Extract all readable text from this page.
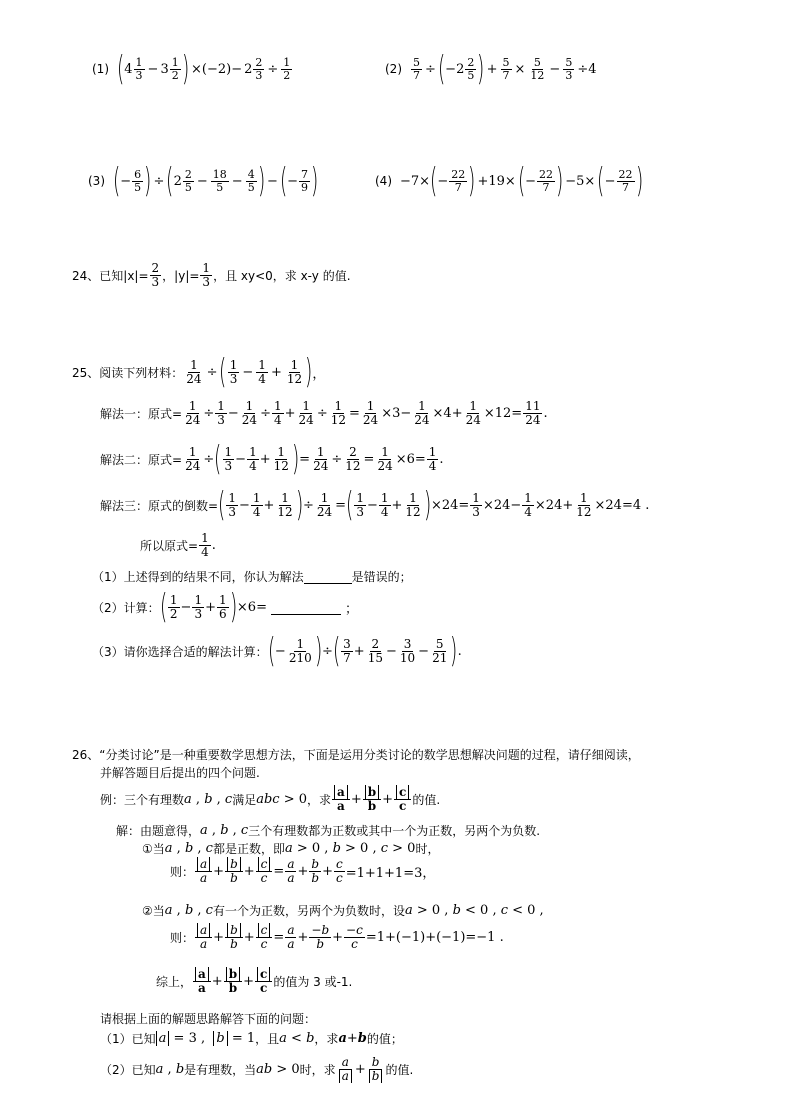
(1) ( $4 \frac{1}{3} - 3 \frac{1}{2}$ ) $\times(-2)- 2 \frac{2}{3} \div \frac{1}{2}$	$(2) \frac{5}{7}$ ÷ ( $-2 \frac{2}{5}$ ) + $\frac{5}{7} \times \frac{5}{12} - \frac{5}{3} \div 4$
(3) ( − $\frac{6}{5}$ ) ÷ ( $2 \frac{2}{5} - \frac{18}{5} - \frac{4}{5}$ ) − ( − $\frac{7}{9}$ )	(4) −7× ( − $\frac{22}{7}$ ) +19× ( − $\frac{22}{7}$ ) −5× ( − $\frac{22}{7}$ )
24、 已知$|x|= \frac{2}{3}$ ，$|y|= \frac{1}{3}$ ，且 xy<0，求 x-y 的值.
25、 阅读下列材料： $\frac{1}{24}$ ÷ ( $\frac{1}{3} - \frac{1}{4} + \frac{1}{12}$ ) ，
解法一：原式= $\frac{1}{24} \div \frac{1}{3} - \frac{1}{24} \div \frac{1}{4} + \frac{1}{24} \div \frac{1}{12} = \frac{1}{24} \times 3- \frac{1}{24} \times 4+ \frac{1}{24} \times 12= \frac{11}{24}$ .
解法二：原式= $\frac{1}{24}$ ÷ ( $\frac{1}{3} - \frac{1}{4} + \frac{1}{12}$ ) = $\frac{1}{24} \div \frac{2}{12} = \frac{1}{24} \times 6= \frac{1}{4}$ .
解法三：原式的倒数= ( $\frac{1}{3} - \frac{1}{4} + \frac{1}{12}$ ) ÷ $\frac{1}{24}$ = ( $\frac{1}{3} - \frac{1}{4} + \frac{1}{12}$ ) $\times 24= \frac{1}{3} \times 24- \frac{1}{4} \times 24+ \frac{1}{12} \times 24=4$ .
所以原式= $\frac{1}{4}$ .
（1）上述得到的结果不同，你认为解法	是错误的；
（2）计算： ( $\frac{1}{2} - \frac{1}{3} + \frac{1}{6}$ ) ×6=	；
（3）请你选择合适的解法计算： ( − $\frac{1}{210}$ ) ÷ ( $\frac{3}{7} + \frac{2}{15} - \frac{3}{10} - \frac{5}{21}$ ) .
26、“分类讨论”是一种重要数学思想方法，下面是运用分类讨论的数学思想解决问题的过程，请仔细阅读，
并解答题目后提出的四个问题.
例：三个有理数 a , b , c 满足 abc > 0 ，求 $\frac{a}{a} + \frac{b}{b} + \frac{c}{c}$ 的值.
解：由题意得， a , b , c 三个有理数都为正数或其中一个为正数，另两个为负数.
①当 a , b , c 都是正数，即 a > 0 , b > 0 , c > 0 时，
则： $\frac{a}{a} + \frac{b}{b} + \frac{c}{c} = \frac{a}{a} + \frac{b}{b} + \frac{c}{c} =1+1+1=3$，
②当 a , b , c 有一个为正数，另两个为负数时，设 a > 0 , b < 0 , c < 0 ,
则： $\frac{a}{a} + \frac{b}{b} + \frac{c}{c} = \frac{a}{a} + \frac{-b}{b} + \frac{-c}{c} =1+(-1)+(-1)=-1$ .
综上， $\frac{a}{a} + \frac{b}{b} + \frac{c}{c}$ 的值为 3 或-1.
请根据上面的解题思路解答下面的问题：
（1）已知 a = 3 , b = 1 ，且 a < b ，求 a + b 的值；
（2）已知 a , b 是有理数，当 ab > 0 时，求 $\frac{a}{a} + \frac{b}{b}$ 的值.
